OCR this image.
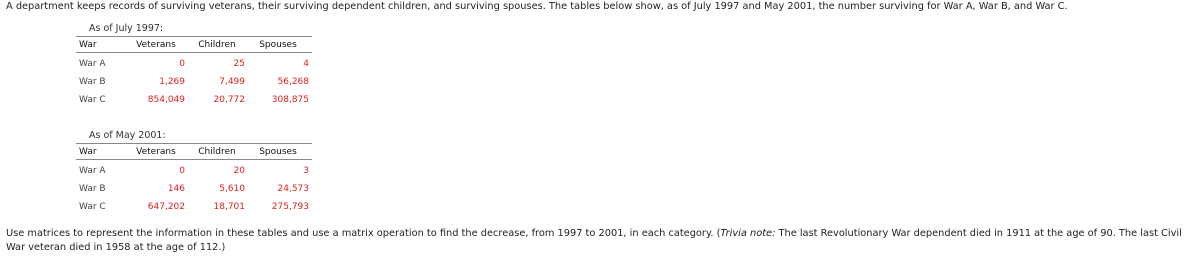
A department keeps records of surviving veterans, their surviving dependent children, and surviving spouses. The tables below show, as of July 1997 and May 2001, the number surviving for War A, War B, and War C.
As of July 1997:
War	Veterans	Children	Spouses
War A	0	25	4
War B	1,269	7,499	56,268
War C	854,049	20,772	308,875
As of May 2001:
War	Veterans	Children	Spouses
War A	0	20	3
War B	146	5,610	24,573
War C	647,202	18,701	275,793
Use matrices to represent the information in these tables and use a matrix operation to find the decrease, from 1997 to 2001, in each category. (Trivia note: The last Revolutionary War dependent died in 1911 at the age of 90. The last Civil War veteran died in 1958 at the age of 112.)
